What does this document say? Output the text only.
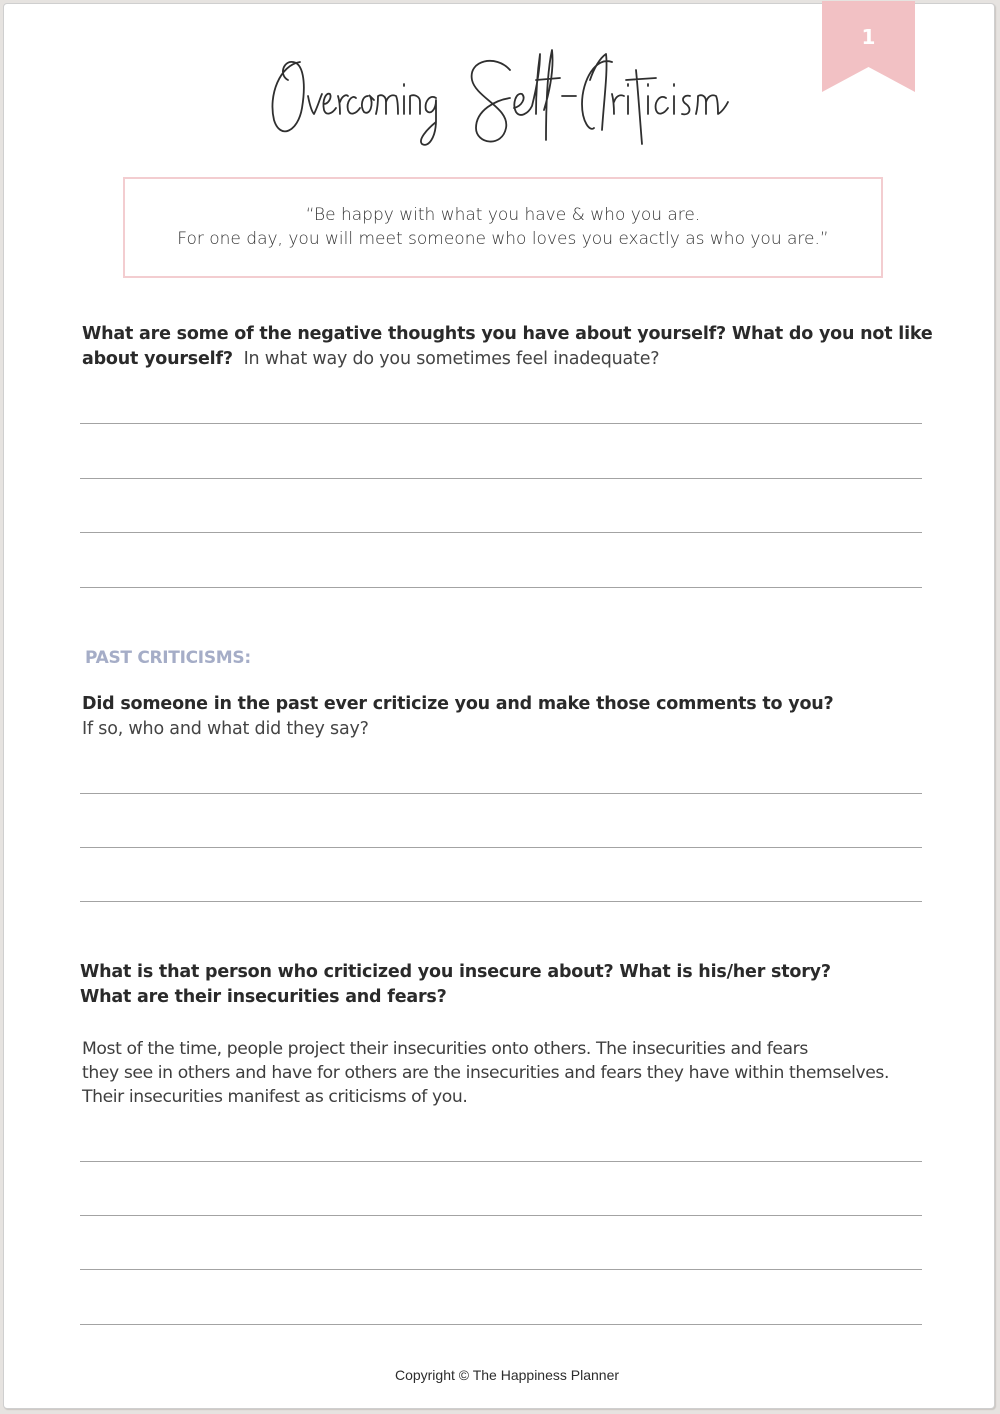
1
“Be happy with what you have & who you are.
For one day, you will meet someone who loves you exactly as who you are.”
What are some of the negative thoughts you have about yourself? What do you not like
about yourself? In what way do you sometimes feel inadequate?
PAST CRITICISMS:
Did someone in the past ever criticize you and make those comments to you?
If so, who and what did they say?
What is that person who criticized you insecure about? What is his/her story?
What are their insecurities and fears?
Most of the time, people project their insecurities onto others. The insecurities and fears
they see in others and have for others are the insecurities and fears they have within themselves.
Their insecurities manifest as criticisms of you.
Copyright © The Happiness Planner
